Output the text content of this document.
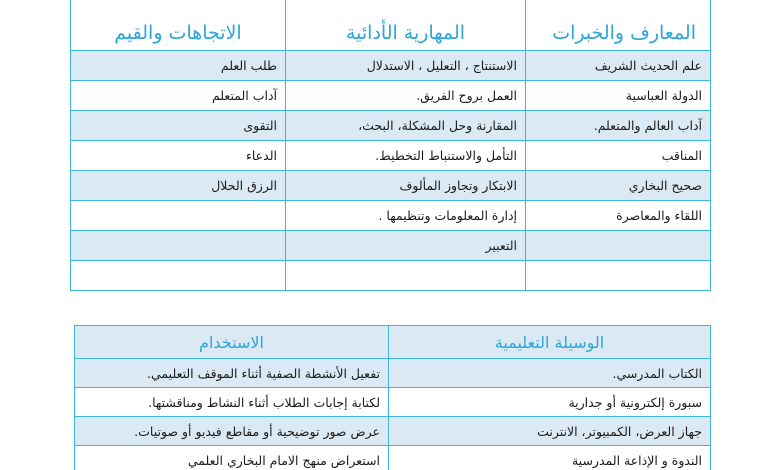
المعارف والخبرات	المهارية الأدائية	الاتجاهات والقيم
علم الحديث الشريف	الاستنتاج ، التعليل ، الاستدلال	طلب العلم
الدولة العباسية	العمل بروح الفريق.	آداب المتعلم
آداب العالم والمتعلم.	المقارنة وحل المشكلة، البحث،	التقوى
المناقب	التأمل والاستنباط التخطيط.	الدعاء
صحيح البخاري	الابتكار وتجاوز المألوف	الرزق الحلال
اللقاء والمعاصرة	إدارة المعلومات وتنظيمها .	
	التعبير	

الوسيلة التعليمية	الاستخدام
الكتاب المدرسي.	تفعيل الأنشطة الصفية أثناء الموقف التعليمي.
سبورة إلكترونية أو جدارية	لكتابة إجابات الطلاب أثناء النشاط ومناقشتها.
جهاز العرض، الكمبيوتر، الانترنت	عرض صور توضيحية أو مقاطع فيديو أو صوتيات.
الندوة و الإذاعة المدرسية	استعراض منهج الامام البخاري العلمي
